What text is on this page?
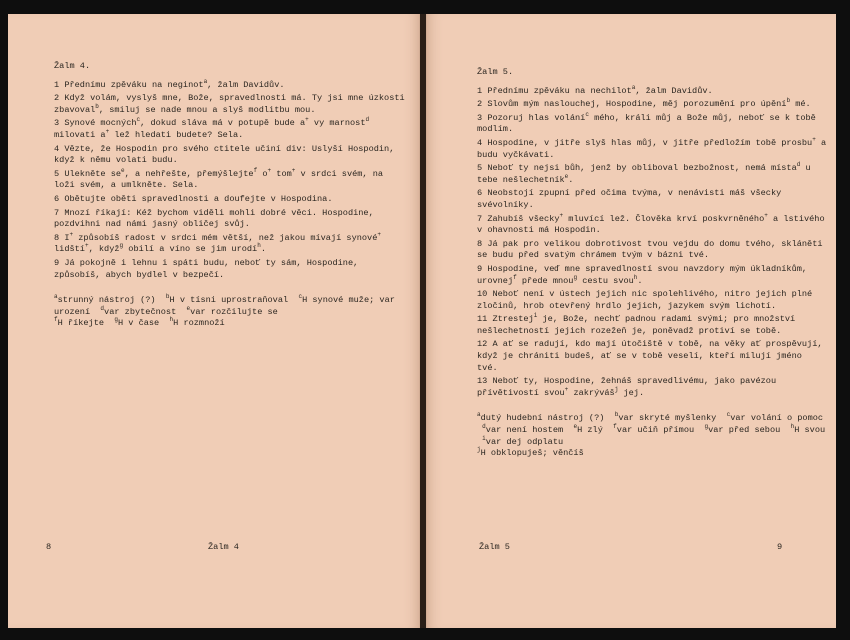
Žalm 4.

1 Přednímu zpěváku na neginot$^a$, žalm Davidův.

2 Když volám, vyslyš mne, Bože, spravedlnosti má. Ty jsi mne úzkosti zbavoval$^b$, smiluj se nade mnou a slyš modlitbu mou.

3 Synové mocných$^c$, dokud sláva má v potupě bude a+ vy marnost$^d$ milovati a+ lež hledati budete? Sela.

4 Vězte, že Hospodin pro svého ctitele učiní div: Uslyší Hospodin, když k němu volati budu.

5 Ulekněte $se^e$, a nehřešte, přemýšlejte$^f$ o+ tom+ v srdci svém, na loži svém, a umlkněte. Sela.

6 Obětujte oběti spravedlnosti a doufejte v Hospodina.

7 Mnozí říkají: Kéž bychom viděli mohli dobré věci. Hospodine, pozdvihni nad námi jasný obličej svůj.

8 I+ způsobíš radost v srdci mém větší, než jakou mívají synové+ lidští+, když$^g$ obilí a víno se jim urodí$^h$.

9 Já pokojně i lehnu i spáti budu, neboť ty sám, Hospodine, způsobíš, abych bydlel v bezpečí.

$^a$strunný nástroj (?)  $^b$H v tísni uprostraňoval  $^c$H synové muže; var urození  $^d$var zbytečnost  $^e$var rozčilujte se

$^f$H říkejte  $^g$H v čase  $^h$H rozmnoží

8	Žalm 4
Žalm 5.

1 Přednímu zpěváku na nechilot$^a$, žalm Davidův.

2 Slovům mým naslouchej, Hospodine, měj porozumění pro úpění$^b$ mé.

3 Pozoruj hlas volání$^c$ mého, králi můj a Bože můj, neboť se k tobě modlím.

4 Hospodine, v jitře slyš hlas můj, v jitře předložím tobě prosbu+ a budu vyčkávati.

5 Neboť ty nejsi bůh, jenž by obliboval bezbožnost, nemá místa$^d$ u tebe nešlechetník$^e$.

6 Neobstojí zpupní před očima tvýma, v nenávisti máš všecky svévolníky.

7 Zahubíš všecky+ mluvící lež. Člověka krví poskvrněného+ a lstivého v ohavnosti má Hospodin.

8 Já pak pro velikou dobrotivost tvou vejdu do domu tvého, skláněti se budu před svatým chrámem tvým v bázni tvé.

9 Hospodine, veď mne spravedlností svou navzdory mým úkladníkům, urovnej$^f$ přede mnou$^g$ cestu svou$^h$.

10 Neboť není v ústech jejich nic spolehlivého, nitro jejich plné zločinů, hrob otevřený hrdlo jejich, jazykem svým lichotí.

11 Ztrestej$^i$ je, Bože, nechť padnou radami svými; pro množství nešlechetností jejich rozežeň je, poněvadž protiví se tobě.

12 A ať se radují, kdo mají útočiště v tobě, na věky ať prospěvují, když je chrániti budeš, ať se v tobě veselí, kteří milují jméno tvé.

13 Neboť ty, Hospodine, žehnáš spravedlivému, jako pavézou přívětivostí svou+ zakrýváš$^j$ jej.

$^a$dutý hudební nástroj (?)  $^b$var skryté myšlenky  $^c$var volání o pomoc  $^d$var není hostem  $^e$H zlý  $^f$var učiň přímou  $^g$var před sebou  $^h$H svou  $^i$var dej odplatu

$^j$H obklopuješ; věnčíš

Žalm 5	9
